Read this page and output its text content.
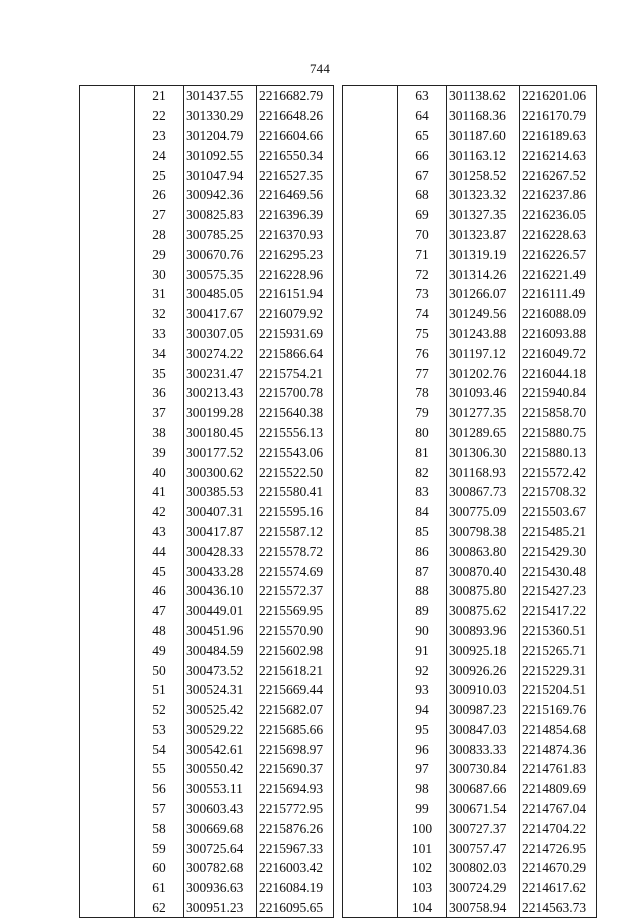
744
	21	301437.55	2216682.79
	22	301330.29	2216648.26
	23	301204.79	2216604.66
	24	301092.55	2216550.34
	25	301047.94	2216527.35
	26	300942.36	2216469.56
	27	300825.83	2216396.39
	28	300785.25	2216370.93
	29	300670.76	2216295.23
	30	300575.35	2216228.96
	31	300485.05	2216151.94
	32	300417.67	2216079.92
	33	300307.05	2215931.69
	34	300274.22	2215866.64
	35	300231.47	2215754.21
	36	300213.43	2215700.78
	37	300199.28	2215640.38
	38	300180.45	2215556.13
	39	300177.52	2215543.06
	40	300300.62	2215522.50
	41	300385.53	2215580.41
	42	300407.31	2215595.16
	43	300417.87	2215587.12
	44	300428.33	2215578.72
	45	300433.28	2215574.69
	46	300436.10	2215572.37
	47	300449.01	2215569.95
	48	300451.96	2215570.90
	49	300484.59	2215602.98
	50	300473.52	2215618.21
	51	300524.31	2215669.44
	52	300525.42	2215682.07
	53	300529.22	2215685.66
	54	300542.61	2215698.97
	55	300550.42	2215690.37
	56	300553.11	2215694.93
	57	300603.43	2215772.95
	58	300669.68	2215876.26
	59	300725.64	2215967.33
	60	300782.68	2216003.42
	61	300936.63	2216084.19
	62	300951.23	2216095.65
	63	301138.62	2216201.06
	64	301168.36	2216170.79
	65	301187.60	2216189.63
	66	301163.12	2216214.63
	67	301258.52	2216267.52
	68	301323.32	2216237.86
	69	301327.35	2216236.05
	70	301323.87	2216228.63
	71	301319.19	2216226.57
	72	301314.26	2216221.49
	73	301266.07	2216111.49
	74	301249.56	2216088.09
	75	301243.88	2216093.88
	76	301197.12	2216049.72
	77	301202.76	2216044.18
	78	301093.46	2215940.84
	79	301277.35	2215858.70
	80	301289.65	2215880.75
	81	301306.30	2215880.13
	82	301168.93	2215572.42
	83	300867.73	2215708.32
	84	300775.09	2215503.67
	85	300798.38	2215485.21
	86	300863.80	2215429.30
	87	300870.40	2215430.48
	88	300875.80	2215427.23
	89	300875.62	2215417.22
	90	300893.96	2215360.51
	91	300925.18	2215265.71
	92	300926.26	2215229.31
	93	300910.03	2215204.51
	94	300987.23	2215169.76
	95	300847.03	2214854.68
	96	300833.33	2214874.36
	97	300730.84	2214761.83
	98	300687.66	2214809.69
	99	300671.54	2214767.04
	100	300727.37	2214704.22
	101	300757.47	2214726.95
	102	300802.03	2214670.29
	103	300724.29	2214617.62
	104	300758.94	2214563.73
